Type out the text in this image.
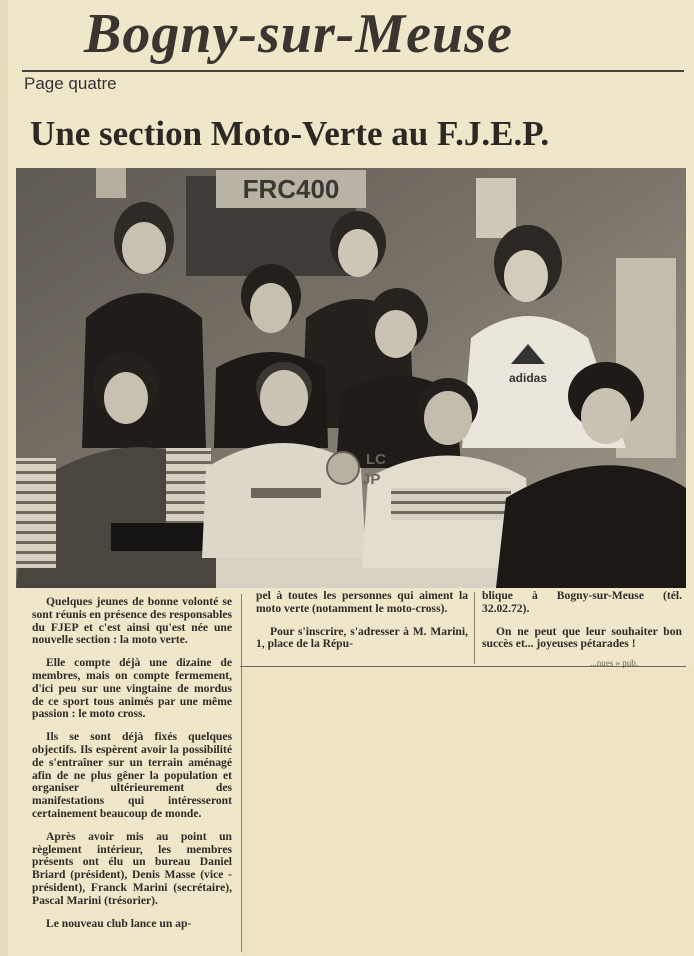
Bogny-sur-Meuse
Page quatre
Une section Moto-Verte au F.J.E.P.
FRC400
adidas
LC
JP

Quelques jeunes de bonne volonté se sont réunis en présence des responsables du FJEP et c'est ainsi qu'est née une nouvelle section : la moto verte.

Elle compte déjà une dizaine de membres, mais on compte fermement, d'ici peu sur une vingtaine de mordus de ce sport tous animés par une même passion : le moto cross.

Ils se sont déjà fixés quelques objectifs. Ils espèrent avoir la possibilité de s'entraîner sur un terrain aménagé afin de ne plus gêner la population et organiser ultérieurement des manifestations qui intéresseront certainement beaucoup de monde.

Après avoir mis au point un règlement intérieur, les membres présents ont élu un bureau Daniel Briard (président), Denis Masse (vice - président), Franck Marini (secrétaire), Pascal Marini (trésorier).

Le nouveau club lance un ap-

pel à toutes les personnes qui aiment la moto verte (notamment le moto-cross).

Pour s'inscrire, s'adresser à M. Marini, 1, place de la Répu-

blique à Bogny-sur-Meuse (tél. 32.02.72).

On ne peut que leur souhaiter bon succès et... joyeuses pétarades !

...nues » pub.
